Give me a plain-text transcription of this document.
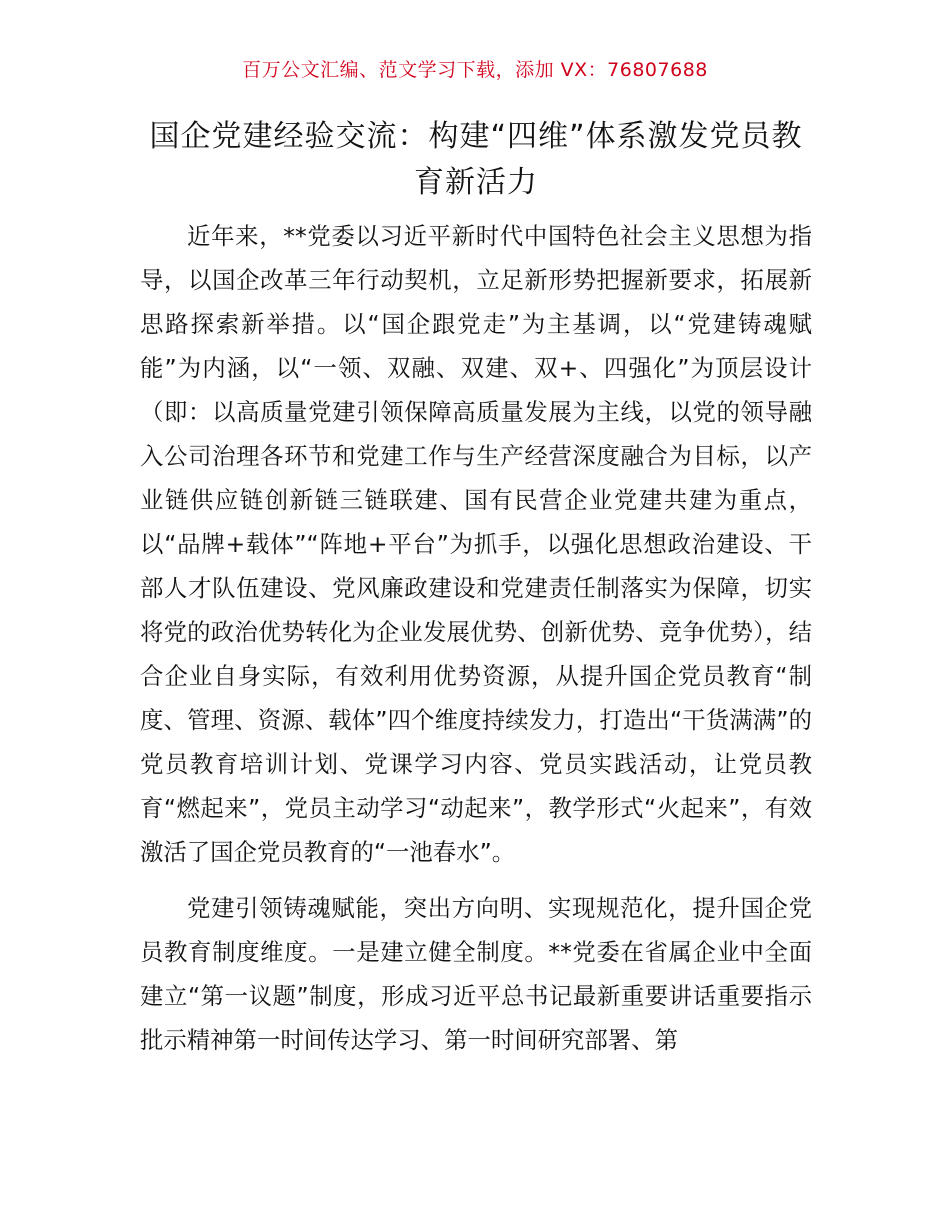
百万公文汇编、范文学习下载，添加 VX：76807688
国企党建经验交流：构建“四维”体系激发党员教育新活力

近年来，**党委以习近平新时代中国特色社会主义思想为指导，以国企改革三年行动契机，立足新形势把握新要求，拓展新思路探索新举措。以“国企跟党走”为主基调，以“党建铸魂赋能”为内涵，以“一领、双融、双建、双+、四强化”为顶层设计（即：以高质量党建引领保障高质量发展为主线，以党的领导融入公司治理各环节和党建工作与生产经营深度融合为目标，以产业链供应链创新链三链联建、国有民营企业党建共建为重点，以“品牌+载体”“阵地+平台”为抓手，以强化思想政治建设、干部人才队伍建设、党风廉政建设和党建责任制落实为保障，切实将党的政治优势转化为企业发展优势、创新优势、竞争优势），结合企业自身实际，有效利用优势资源，从提升国企党员教育“制度、管理、资源、载体”四个维度持续发力，打造出“干货满满”的党员教育培训计划、党课学习内容、党员实践活动，让党员教育“燃起来”，党员主动学习“动起来”，教学形式“火起来”，有效激活了国企党员教育的“一池春水”。

党建引领铸魂赋能，突出方向明、实现规范化，提升国企党员教育制度维度。一是建立健全制度。**党委在省属企业中全面建立“第一议题”制度，形成习近平总书记最新重要讲话重要指示批示精神第一时间传达学习、第一时间研究部署、第
